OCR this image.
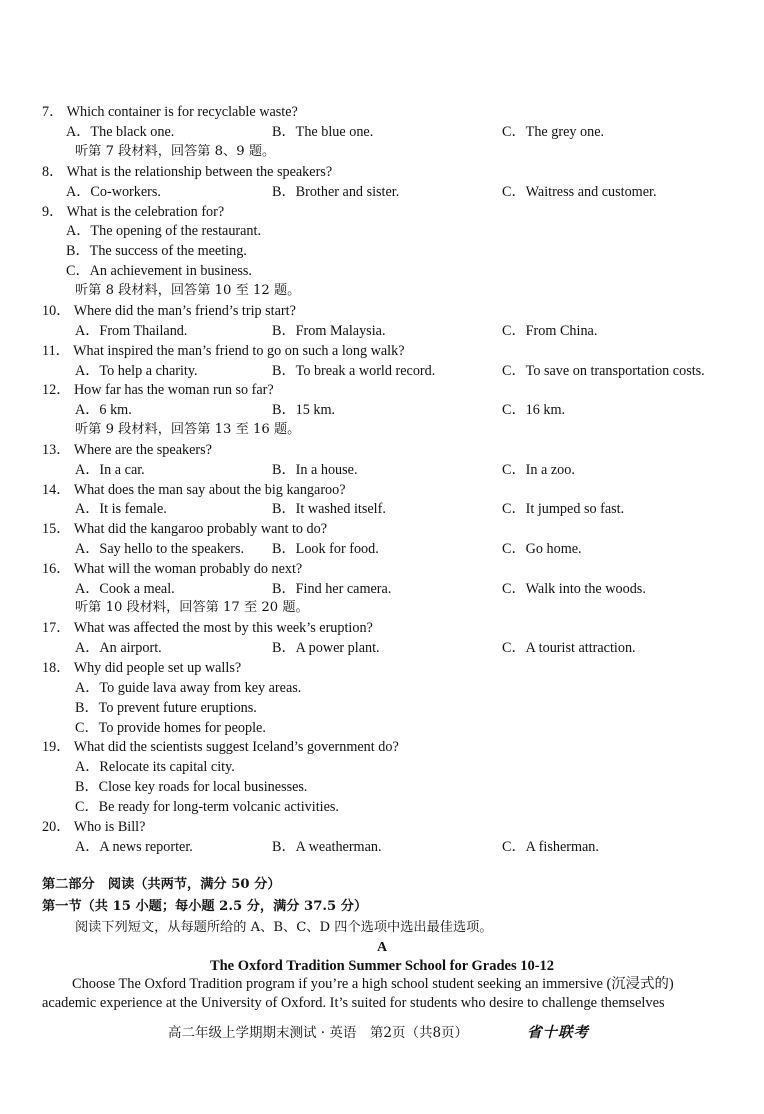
7． Which container is for recyclable waste?
A．The black one.	B．The blue one.	C．The grey one.
听第 7 段材料，回答第 8、9 题。
8． What is the relationship between the speakers?
A．Co-workers.	B．Brother and sister.	C．Waitress and customer.
9． What is the celebration for?
A．The opening of the restaurant.
B．The success of the meeting.
C．An achievement in business.
听第 8 段材料，回答第 10 至 12 题。
10． Where did the man’s friend’s trip start?
A．From Thailand.	B．From Malaysia.	C．From China.
11． What inspired the man’s friend to go on such a long walk?
A．To help a charity.	B．To break a world record.	C．To save on transportation costs.
12． How far has the woman run so far?
A．6 km.	B．15 km.	C．16 km.
听第 9 段材料，回答第 13 至 16 题。
13． Where are the speakers?
A．In a car.	B．In a house.	C．In a zoo.
14． What does the man say about the big kangaroo?
A．It is female.	B．It washed itself.	C．It jumped so fast.
15． What did the kangaroo probably want to do?
A．Say hello to the speakers. B．Look for food.	C．Go home.
16． What will the woman probably do next?
A．Cook a meal.	B．Find her camera.	C．Walk into the woods.
听第 10 段材料，回答第 17 至 20 题。
17． What was affected the most by this week’s eruption?
A．An airport.	B．A power plant.	C．A tourist attraction.
18． Why did people set up walls?
A．To guide lava away from key areas.
B．To prevent future eruptions.
C．To provide homes for people.
19． What did the scientists suggest Iceland’s government do?
A．Relocate its capital city.
B．Close key roads for local businesses.
C．Be ready for long-term volcanic activities.
20． Who is Bill?
A．A news reporter.	B．A weatherman.	C．A fisherman.
第二部分　阅读（共两节，满分 50 分）
第一节（共 15 小题；每小题 2.5 分，满分 37.5 分）
阅读下列短文，从每题所给的 A、B、C、D 四个选项中选出最佳选项。
A
The Oxford Tradition Summer School for Grades 10-12
Choose The Oxford Tradition program if you’re a high school student seeking an immersive (沉浸式的)
academic experience at the University of Oxford. It’s suited for students who desire to challenge themselves
高二年级上学期期末测试 · 英语　第2页（共8页）	省十联考
